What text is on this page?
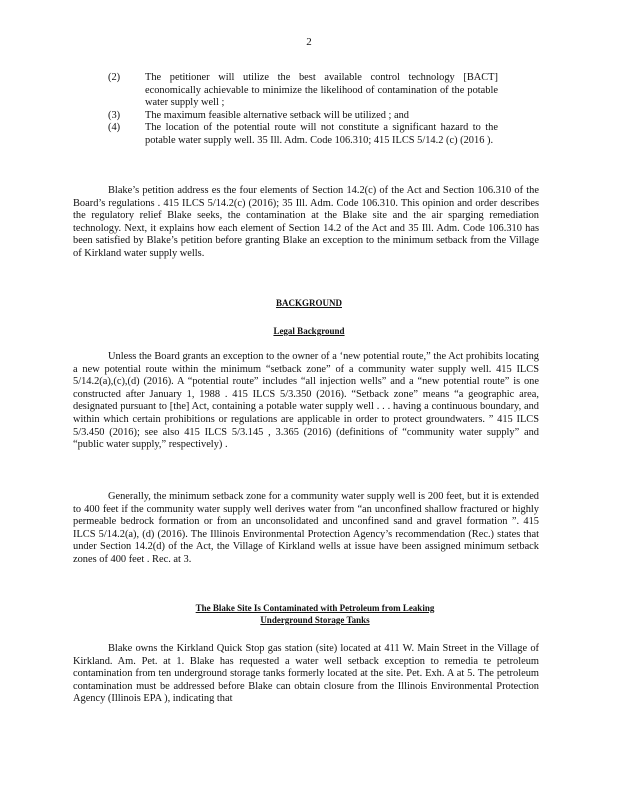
2
(2)	The petitioner will utilize the best available control technology [BACT] economically achievable to minimize the likelihood of contamination of the potable water supply well ;
(3)	The maximum feasible alternative setback will be utilized ; and
(4)	The location of the potential route will not constitute a significant hazard to the potable water supply well. 35 Ill. Adm. Code 106.310; 415 ILCS 5/14.2 (c) (2016 ).
Blake’s petition address es the four elements of Section 14.2(c) of the Act and Section 106.310 of the Board’s regulations . 415 ILCS 5/14.2(c) (2016); 35 Ill. Adm. Code 106.310. This opinion and order describes the regulatory relief Blake seeks, the contamination at the Blake site and the air sparging remediation technology. Next, it explains how each element of Section 14.2 of the Act and 35 Ill. Adm. Code 106.310 has been satisfied by Blake’s petition before granting Blake an exception to the minimum setback from the Village of Kirkland water supply wells.
BACKGROUND
Legal Background
Unless the Board grants an exception to the owner of a ‘new potential route,” the Act prohibits locating a new potential route within the minimum “setback zone” of a community water supply well. 415 ILCS 5/14.2(a),(c),(d) (2016). A “potential route” includes “all injection wells” and a “new potential route” is one constructed after January 1, 1988 . 415 ILCS 5/3.350 (2016). “Setback zone” means “a geographic area, designated pursuant to [the] Act, containing a potable water supply well . . . having a continuous boundary, and within which certain prohibitions or regulations are applicable in order to protect groundwaters. ” 415 ILCS 5/3.450 (2016); see also 415 ILCS 5/3.145 , 3.365 (2016) (definitions of “community water supply” and “public water supply,” respectively) .
Generally, the minimum setback zone for a community water supply well is 200 feet, but it is extended to 400 feet if the community water supply well derives water from “an unconfined shallow fractured or highly permeable bedrock formation or from an unconsolidated and unconfined sand and gravel formation ”. 415 ILCS 5/14.2(a), (d) (2016). The Illinois Environmental Protection Agency’s recommendation (Rec.) states that under Section 14.2(d) of the Act, the Village of Kirkland wells at issue have been assigned minimum setback zones of 400 feet . Rec. at 3.
The Blake Site Is Contaminated with Petroleum from Leaking Underground Storage Tanks
Blake owns the Kirkland Quick Stop gas station (site) located at 411 W. Main Street in the Village of Kirkland. Am. Pet. at 1. Blake has requested a water well setback exception to remedia te petroleum contamination from ten underground storage tanks formerly located at the site. Pet. Exh. A at 5. The petroleum contamination must be addressed before Blake can obtain closure from the Illinois Environmental Protection Agency (Illinois EPA ), indicating that
